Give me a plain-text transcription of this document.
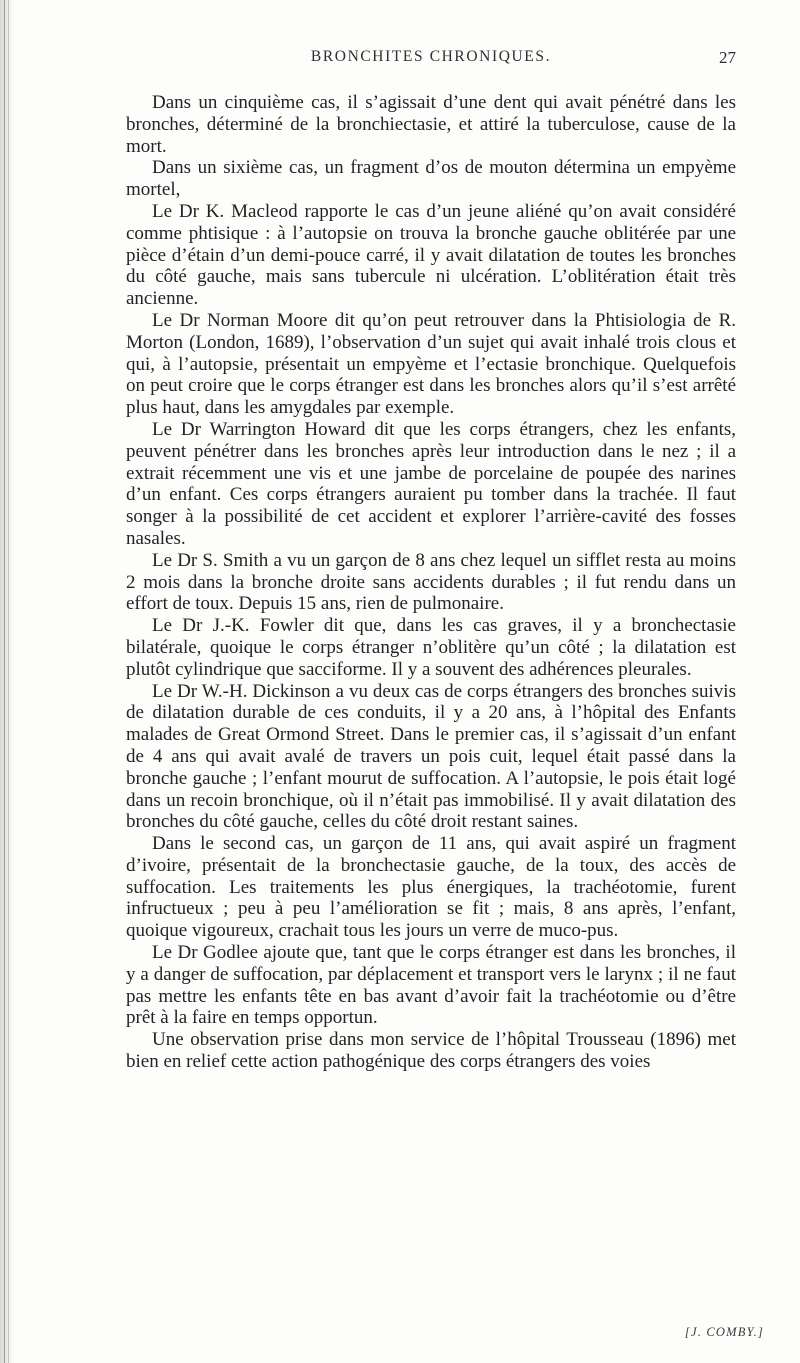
BRONCHITES CHRONIQUES.	27

Dans un cinquième cas, il s’agissait d’une dent qui avait pénétré dans les bronches, déterminé de la bronchiectasie, et attiré la tuberculose, cause de la mort.

Dans un sixième cas, un fragment d’os de mouton détermina un empyème mortel,

Le Dr K. Macleod rapporte le cas d’un jeune aliéné qu’on avait considéré comme phtisique : à l’autopsie on trouva la bronche gauche oblitérée par une pièce d’étain d’un demi-pouce carré, il y avait dilatation de toutes les bronches du côté gauche, mais sans tubercule ni ulcération. L’oblitération était très ancienne.

Le Dr Norman Moore dit qu’on peut retrouver dans la Phtisiologia de R. Morton (London, 1689), l’observation d’un sujet qui avait inhalé trois clous et qui, à l’autopsie, présentait un empyème et l’ectasie bronchique. Quelquefois on peut croire que le corps étranger est dans les bronches alors qu’il s’est arrêté plus haut, dans les amygdales par exemple.

Le Dr Warrington Howard dit que les corps étrangers, chez les enfants, peuvent pénétrer dans les bronches après leur introduction dans le nez ; il a extrait récemment une vis et une jambe de porcelaine de poupée des narines d’un enfant. Ces corps étrangers auraient pu tomber dans la trachée. Il faut songer à la possibilité de cet accident et explorer l’arrière-cavité des fosses nasales.

Le Dr S. Smith a vu un garçon de 8 ans chez lequel un sifflet resta au moins 2 mois dans la bronche droite sans accidents durables ; il fut rendu dans un effort de toux. Depuis 15 ans, rien de pulmonaire.

Le Dr J.-K. Fowler dit que, dans les cas graves, il y a bronchectasie bilatérale, quoique le corps étranger n’oblitère qu’un côté ; la dilatation est plutôt cylindrique que sacciforme. Il y a souvent des adhérences pleurales.

Le Dr W.-H. Dickinson a vu deux cas de corps étrangers des bronches suivis de dilatation durable de ces conduits, il y a 20 ans, à l’hôpital des Enfants malades de Great Ormond Street. Dans le premier cas, il s’agissait d’un enfant de 4 ans qui avait avalé de travers un pois cuit, lequel était passé dans la bronche gauche ; l’enfant mourut de suffocation. A l’autopsie, le pois était logé dans un recoin bronchique, où il n’était pas immobilisé. Il y avait dilatation des bronches du côté gauche, celles du côté droit restant saines.

Dans le second cas, un garçon de 11 ans, qui avait aspiré un fragment d’ivoire, présentait de la bronchectasie gauche, de la toux, des accès de suffocation. Les traitements les plus énergiques, la trachéotomie, furent infructueux ; peu à peu l’amélioration se fit ; mais, 8 ans après, l’enfant, quoique vigoureux, crachait tous les jours un verre de muco-pus.

Le Dr Godlee ajoute que, tant que le corps étranger est dans les bronches, il y a danger de suffocation, par déplacement et transport vers le larynx ; il ne faut pas mettre les enfants tête en bas avant d’avoir fait la trachéotomie ou d’être prêt à la faire en temps opportun.

Une observation prise dans mon service de l’hôpital Trousseau (1896) met bien en relief cette action pathogénique des corps étrangers des voies

[J. COMBY.]
